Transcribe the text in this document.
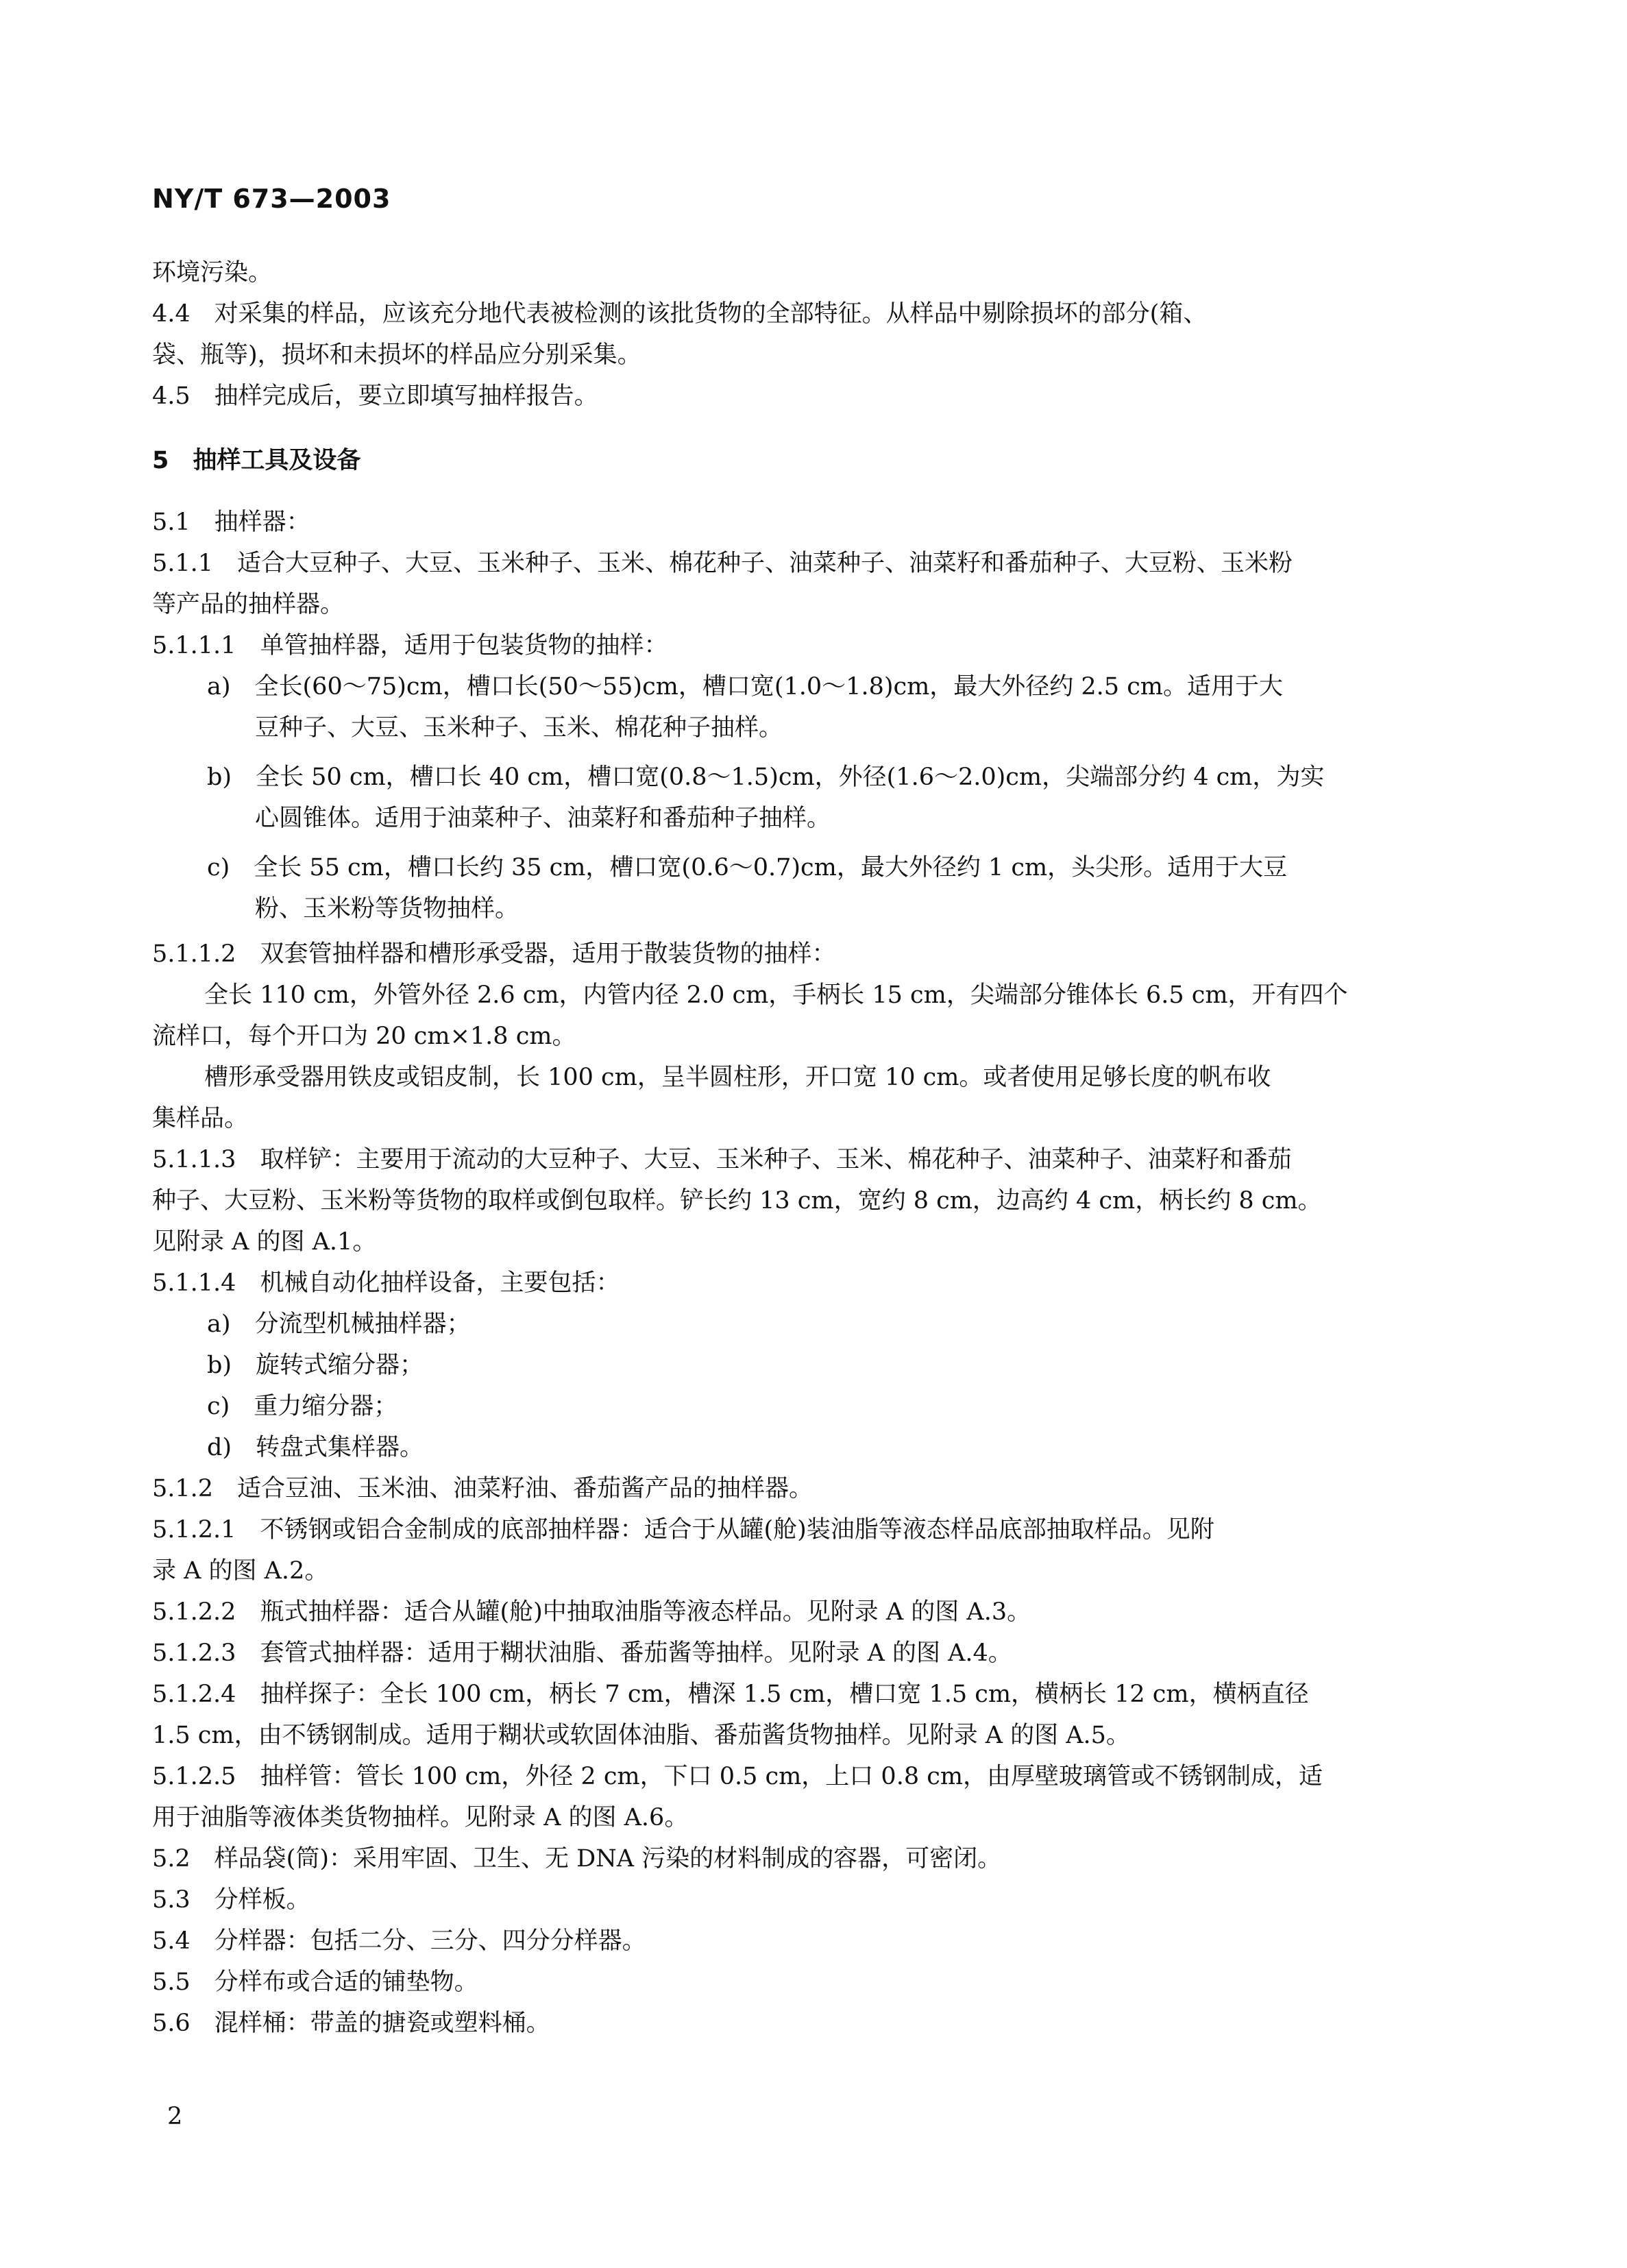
NY/T 673—2003
环境污染。
4.4　对采集的样品，应该充分地代表被检测的该批货物的全部特征。从样品中剔除损坏的部分(箱、
袋、瓶等)，损坏和未损坏的样品应分别采集。
4.5　抽样完成后，要立即填写抽样报告。
5　抽样工具及设备
5.1　抽样器：
5.1.1　适合大豆种子、大豆、玉米种子、玉米、棉花种子、油菜种子、油菜籽和番茄种子、大豆粉、玉米粉
等产品的抽样器。
5.1.1.1　单管抽样器，适用于包装货物的抽样：
a)　全长(60～75)cm，槽口长(50～55)cm，槽口宽(1.0～1.8)cm，最大外径约 2.5 cm。适用于大
豆种子、大豆、玉米种子、玉米、棉花种子抽样。
b)　全长 50 cm，槽口长 40 cm，槽口宽(0.8～1.5)cm，外径(1.6～2.0)cm，尖端部分约 4 cm，为实
心圆锥体。适用于油菜种子、油菜籽和番茄种子抽样。
c)　全长 55 cm，槽口长约 35 cm，槽口宽(0.6～0.7)cm，最大外径约 1 cm，头尖形。适用于大豆
粉、玉米粉等货物抽样。
5.1.1.2　双套管抽样器和槽形承受器，适用于散装货物的抽样：
全长 110 cm，外管外径 2.6 cm，内管内径 2.0 cm，手柄长 15 cm，尖端部分锥体长 6.5 cm，开有四个
流样口，每个开口为 20 cm×1.8 cm。
槽形承受器用铁皮或铝皮制，长 100 cm，呈半圆柱形，开口宽 10 cm。或者使用足够长度的帆布收
集样品。
5.1.1.3　取样铲：主要用于流动的大豆种子、大豆、玉米种子、玉米、棉花种子、油菜种子、油菜籽和番茄
种子、大豆粉、玉米粉等货物的取样或倒包取样。铲长约 13 cm，宽约 8 cm，边高约 4 cm，柄长约 8 cm。
见附录 A 的图 A.1。
5.1.1.4　机械自动化抽样设备，主要包括：
a)　分流型机械抽样器；
b)　旋转式缩分器；
c)　重力缩分器；
d)　转盘式集样器。
5.1.2　适合豆油、玉米油、油菜籽油、番茄酱产品的抽样器。
5.1.2.1　不锈钢或铝合金制成的底部抽样器：适合于从罐(舱)装油脂等液态样品底部抽取样品。见附
录 A 的图 A.2。
5.1.2.2　瓶式抽样器：适合从罐(舱)中抽取油脂等液态样品。见附录 A 的图 A.3。
5.1.2.3　套管式抽样器：适用于糊状油脂、番茄酱等抽样。见附录 A 的图 A.4。
5.1.2.4　抽样探子：全长 100 cm，柄长 7 cm，槽深 1.5 cm，槽口宽 1.5 cm，横柄长 12 cm，横柄直径
1.5 cm，由不锈钢制成。适用于糊状或软固体油脂、番茄酱货物抽样。见附录 A 的图 A.5。
5.1.2.5　抽样管：管长 100 cm，外径 2 cm，下口 0.5 cm，上口 0.8 cm，由厚壁玻璃管或不锈钢制成，适
用于油脂等液体类货物抽样。见附录 A 的图 A.6。
5.2　样品袋(筒)：采用牢固、卫生、无 DNA 污染的材料制成的容器，可密闭。
5.3　分样板。
5.4　分样器：包括二分、三分、四分分样器。
5.5　分样布或合适的铺垫物。
5.6　混样桶：带盖的搪瓷或塑料桶。
2
